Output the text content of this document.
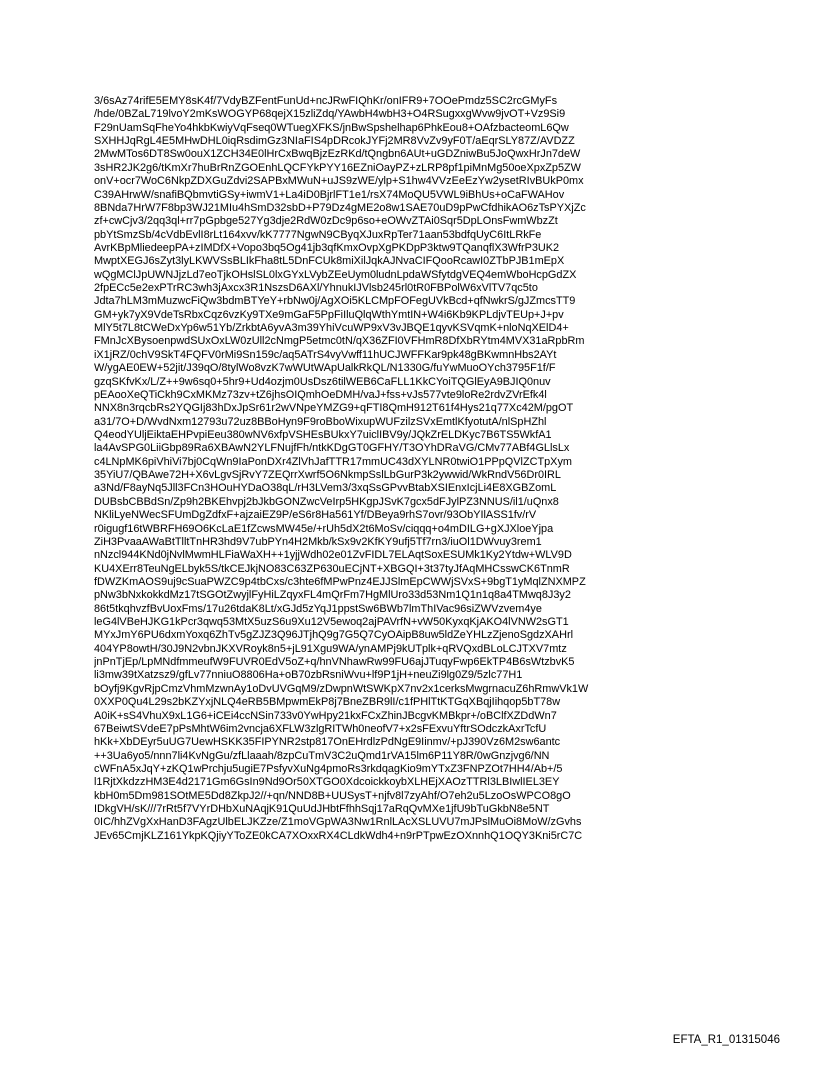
3/6sAz74rifE5EMY8sK4f/7VdyBZFentFunUd+ncJRwFIQhKr/onIFR9+7OOePmdz5SC2rcGMyFs
/hde/0BZaL719lvoY2mKsWOGYP68qejX15zliZdq/YAwbH4wbH3+O4RSugxxgWvw9jvOT+Vz9Si9
F29nUamSqFheYo4hkbKwiyVqFseq0WTuegXFKS/jnBwSpshelhap6PhkEou8+OAfzbacteomL6Qw
SXHHJqRgL4E5MHwDHL0iqRsdimGz3NIaFIS4pDRcokJYFj2MR8VvZv9yF0T/aEqrSLY87Z/AVDZZ
2MwMTos6DT8Sw0ouX1ZCH34E0lHrCxBwqBjzEzRKd/tQngbn6AUt+uGDZniwBu5JoQwxHrJn7deW
3sHR2JK2g6/tKmXr7huBrRnZGOEnhLQCFYkPYY16EZniOayPZ+zLRP8pf1piMnMg50oeXpxZp5ZW
onV+ocr7WoC6NkpZDXGuZdvi2SAPBxMWuN+uJS9zWE/ylp+S1hw4VVzEeEzYw2ysetRIvBUkP0mx
C39AHrwW/snafiBQbmvtiGSy+iwmV1+La4iD0BjrlFT1e1/rsX74MoQU5VWL9iBhUs+oCaFWAHov
8BNda7HrW7F8bp3WJ21MIu4hSmD32sbD+P79Dz4gME2o8w1SAE70uD9pPwCfdhikAO6zTsPYXjZc
zf+cwCjv3/2qq3ql+rr7pGpbge527Yg3dje2RdW0zDc9p6so+eOWvZTAi0Sqr5DpLOnsFwmWbzZt
pbYtSmzSb/4cVdbEvlI8rLt164xvv/kK7777NgwN9CByqXJuxRpTer71aan53bdfqUyC6ItLRkFe
AvrKBpMliedeepPA+zIMDfX+Vopo3bq5Og41jb3qfKmxOvpXgPKDpP3ktw9TQanqflX3WfrP3UK2
MwptXEGJ6sZyt3lyLKWVSsBLIkFha8tL5DnFCUk8miXilJqkAJNvaCIFQooRcawI0ZTbPJB1mEpX
wQgMClJpUWNJjzLd7eoTjkOHslSL0lxGYxLVybZEeUym0ludnLpdaWSfytdgVEQ4emWboHcpGdZX
2fpECc5e2exPTrRC3wh3jAxcx3R1NszsD6AXl/YhnukIJVlsb245rl0tR0FBPolW6xVlTV7qc5to
Jdta7hLM3mMuzwcFiQw3bdmBTYeY+rbNw0j/AgXOi5KLCMpFOFegUVkBcd+qfNwkrS/gJZmcsTT9
GM+yk7yX9VdeTsRbxCqz6vzKy9TXe9mGaF5PpFiIluQlqWthYmtIN+W4i6Kb9KPLdjvTEUp+J+pv
MlY5t7L8tCWeDxYp6w51Yb/ZrkbtA6yvA3m39YhiVcuWP9xV3vJBQE1qyvKSVqmK+nloNqXElD4+
FMnJcXBysoenpwdSUxOxLW0zUll2cNmgP5etmc0tN/qX36ZFI0VFHmR8DfXbRYtm4MVX31aRpbRm
iX1jRZ/0chV9SkT4FQFV0rMi9Sn159c/aq5ATrS4vyVwff11hUCJWFFKar9pk48gBKwmnHbs2AYt
W/ygAE0EW+52jit/J39qO/8tylWo8vzK7wWUtWApUalkRkQL/N1330G/fuYwMuoOYch3795F1f/F
gzqSKfvKx/L/Z++9w6sq0+5hr9+Ud4ozjm0UsDsz6tilWEB6CaFLL1KkCYoiTQGlEyA9BJIQ0nuv
pEAooXeQTiCkh9CxMKMz73zv+tZ6jhsOIQmhOeDMH/vaJ+fss+vJs577vte9loRe2rdvZVrEfk4l
NNX8n3rqcbRs2YQGIj83hDxJpSr61r2wVNpeYMZG9+qFTI8QmH912T61f4Hys21q77Xc42M/pgOT
a31/7O+D/WvdNxm12793u72uz8BBoHyn9F9roBboWixupWUFzilzSVxEmtlKfyotutA/nlSpHZhl
Q4eodYUljEiktaEHPvpiEeu380wNV6xfpVSHEsBUkxY7uiclIBV9y/JQkZrELDKyc7B6TS5WkfA1
la4AvSPG0LiiGbp89Ra6XBAwN2YLFNujfFh/ntkKDgGT0GFHY/T3OYhDRaVG/CMv77ABf4GLlsLx
c4LNpMK6piVhiVi7bj0CqWn9IaPonDXr4ZlVhJafTTR17mmUC43dXYLNR0twiO1PPpQVlZCTpXym
35YiU7/QBAwe72H+X6vLgvSjRvY7ZEQrrXwrf5O6NkmpSslLbGurP3k2ywwid/WkRndV56Dr0IRL
a3Nd/F8ayNq5Jll3FCn3HOuHYDaO38qL/rH3LVem3/3xqSsGPvvBtabXSIEnxIcjLi4E8XGBZomL
DUBsbCBBdSn/Zp9h2BKEhvpj2bJkbGONZwcVeIrp5HKgpJSvK7gcx5dFJylPZ3NNUS/il1/uQnx8
NKliLyeNWecSFUmDgZdfxF+ajzaiEZ9P/eS6r8Ha561Yf/DBeya9rhS7ovr/93ObYIlASS1fv/rV
r0igugf16tWBRFH69O6KcLaE1fZcwsMW45e/+rUh5dX2t6MoSv/ciqqq+o4mDILG+gXJXloeYjpa
ZiH3PvaaAWaBtTlltTnHR3hd9V7ubPYn4H2Mkb/kSx9v2KfKY9ufj5Tf7rn3/iuOl1DWvuy3rem1
nNzcl944KNd0jNvlMwmHLFiaWaXH++1yjjWdh02e01ZvFIDL7ELAqtSoxESUMk1Ky2Ytdw+WLV9D
KU4XErr8TeuNgELbyk5S/tkCEJkjNO83C63ZP630uECjNT+XBGQI+3t37tyJfAqMHCsswCK6TnmR
fDWZKmAOS9uj9cSuaPWZC9p4tbCxs/c3hte6fMPwPnz4EJJSlmEpCWWjSVxS+9bgT1yMqlZNXMPZ
pNw3bNxkokkdMz17tSGOtZwyjlFyHiLZqyxFL4mQrFm7HgMlUro33d53Nm1Q1n1q8a4TMwq8J3y2
86t5tkqhvzfBvUoxFms/17u26tdaK8Lt/xGJd5zYqJ1ppstSw6BWb7lmThIVac96siZWVzvem4ye
leG4lVBeHJKG1kPcr3qwq53MtX5uzS6u9Xu12V5ewoq2ajPAVrfN+vW50KyxqKjAKO4lVNW2sGT1
MYxJmY6PU6dxmYoxq6ZhTv5gZJZ3Q96JTjhQ9g7G5Q7CyOAipB8uw5ldZeYHLzZjenoSgdzXAHrl
404YP8owtH/30J9N2vbnJKXVRoyk8n5+jL91Xgu9WA/ynAMPj9kUTplk+qRVQxdBLoLCJTXV7mtz
jnPnTjEp/LpMNdfmmeufW9FUVR0EdV5oZ+q/hnVNhawRw99FU6ajJTuqyFwp6EkTP4B6sWtzbvK5
li3mw39tXatzsz9/gfLv77nniuO8806Ha+oB70zbRsniWvu+lf9P1jH+neuZi9lg0Z9/5zlc77H1
bOyfj9KgvRjpCmzVhmMzwnAy1oDvUVGqM9/zDwpnWtSWKpX7nv2x1cerksMwgrnacuZ6hRmwVk1W
0XXP0Qu4L29s2bKZYxjNLQ4eRB5BMpwmEkP8j7BneZBR9lI/c1fPHlTtKTGqXBqjIihqop5bT78w
A0iK+sS4VhuX9xL1G6+iCEi4ccNSin733v0YwHpy21kxFCxZhinJBcgvKMBkpr+/oBClfXZDdWn7
67BeiwtSVdeE7pPsMhtW6im2vncja6XFLW3zlgRITWh0neofV7+x2sFExvuYftrSOdczkAxrTcfU
hKk+XbDEyr5uUG7UewHSKK35FIPYNR2stp817OnEHrdlzPdNgE9Iinmv/+pJ390Vz6M2sw6antc
++3Ua6yo5/nnn7li4KvNgGu/zfLlaaah/8zpCuTmV3C2uQmd1rVA15lm6P11Y8R/0wGnzjvg6/NN
cWFnA5xJqY+zKQ1wPrchju5ugiE7PsfyvXuNg4pmoRs3rkdqagKio9mYTxZ3FNPZOt7HH4/Ab+/5
l1RjtXkdzzHM3E4d2171Gm6GsIn9Nd9Or50XTGO0XdcoickkoybXLHEjXAOzTTRl3LBIwlIEL3EY
kbH0m5Dm981SOtME5Dd8ZkpJ2//+qn/NND8B+UUSysT+njfv8l7zyAhf/O7eh2u5LzoOsWPCO8gO
IDkgVH/sK///7rRt5f7VYrDHbXuNAqjK91QuUdJHbtFfhhSqj17aRqQvMXe1jfU9bTuGkbN8e5NT
0IC/hhZVgXxHanD3FAgzUlbELJKZze/Z1moVGpWA3Nw1RnlLAcXSLUVU7mJPslMuOi8MoW/zGvhs
JEv65CmjKLZ161YkpKQjiyYToZE0kCA7XOxxRX4CLdkWdh4+n9rPTpwEzOXnnhQ1OQY3Kni5rC7C
EFTA_R1_01315046
